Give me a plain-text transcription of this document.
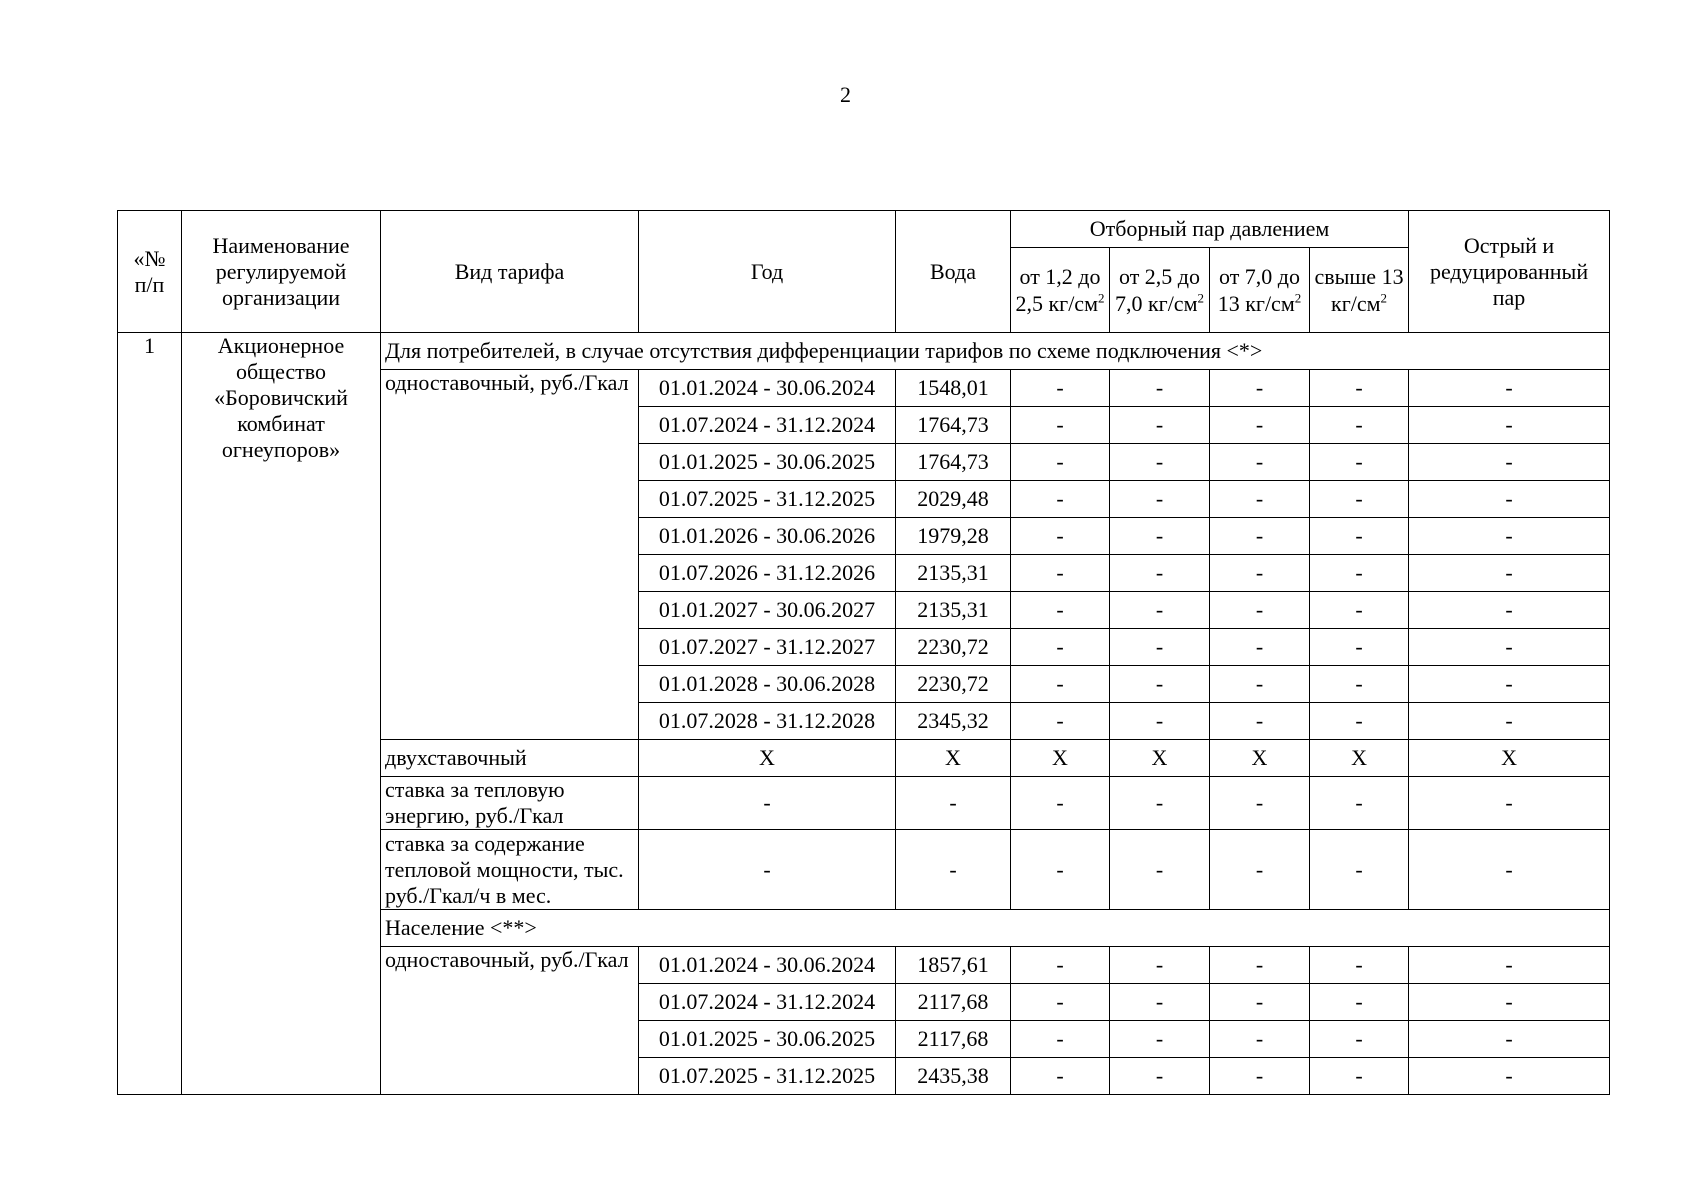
2
«№ п/п	Наименование регулируемой организации	Вид тарифа	Год	Вода	Отборный пар давлением				Острый и редуцированный пар
					от 1,2 до 2,5 $кг/см^2$	от 2,5 до 7,0 $кг/см^2$	от 7,0 до 13 $кг/см^2$	свыше 13 $кг/см^2$
1	Акционерное общество «Боровичский комбинат огнеупоров»	Для потребителей, в случае отсутствия дифференциации тарифов по схеме подключения <*>							
		одноставочный, руб./Гкал	01.01.2024 - 30.06.2024	1548,01	-	-	-	-	-
			01.07.2024 - 31.12.2024	1764,73	-	-	-	-	-
			01.01.2025 - 30.06.2025	1764,73	-	-	-	-	-
			01.07.2025 - 31.12.2025	2029,48	-	-	-	-	-
			01.01.2026 - 30.06.2026	1979,28	-	-	-	-	-
			01.07.2026 - 31.12.2026	2135,31	-	-	-	-	-
			01.01.2027 - 30.06.2027	2135,31	-	-	-	-	-
			01.07.2027 - 31.12.2027	2230,72	-	-	-	-	-
			01.01.2028 - 30.06.2028	2230,72	-	-	-	-	-
			01.07.2028 - 31.12.2028	2345,32	-	-	-	-	-
		двухставочный	X	X	X	X	X	X	X
		ставка за тепловую энергию, руб./Гкал	-	-	-	-	-	-	-
		ставка за содержание тепловой мощности, тыс. руб./Гкал/ч в мес.	-	-	-	-	-	-	-
		Население <**>							
		одноставочный, руб./Гкал	01.01.2024 - 30.06.2024	1857,61	-	-	-	-	-
			01.07.2024 - 31.12.2024	2117,68	-	-	-	-	-
			01.01.2025 - 30.06.2025	2117,68	-	-	-	-	-
			01.07.2025 - 31.12.2025	2435,38	-	-	-	-	-
